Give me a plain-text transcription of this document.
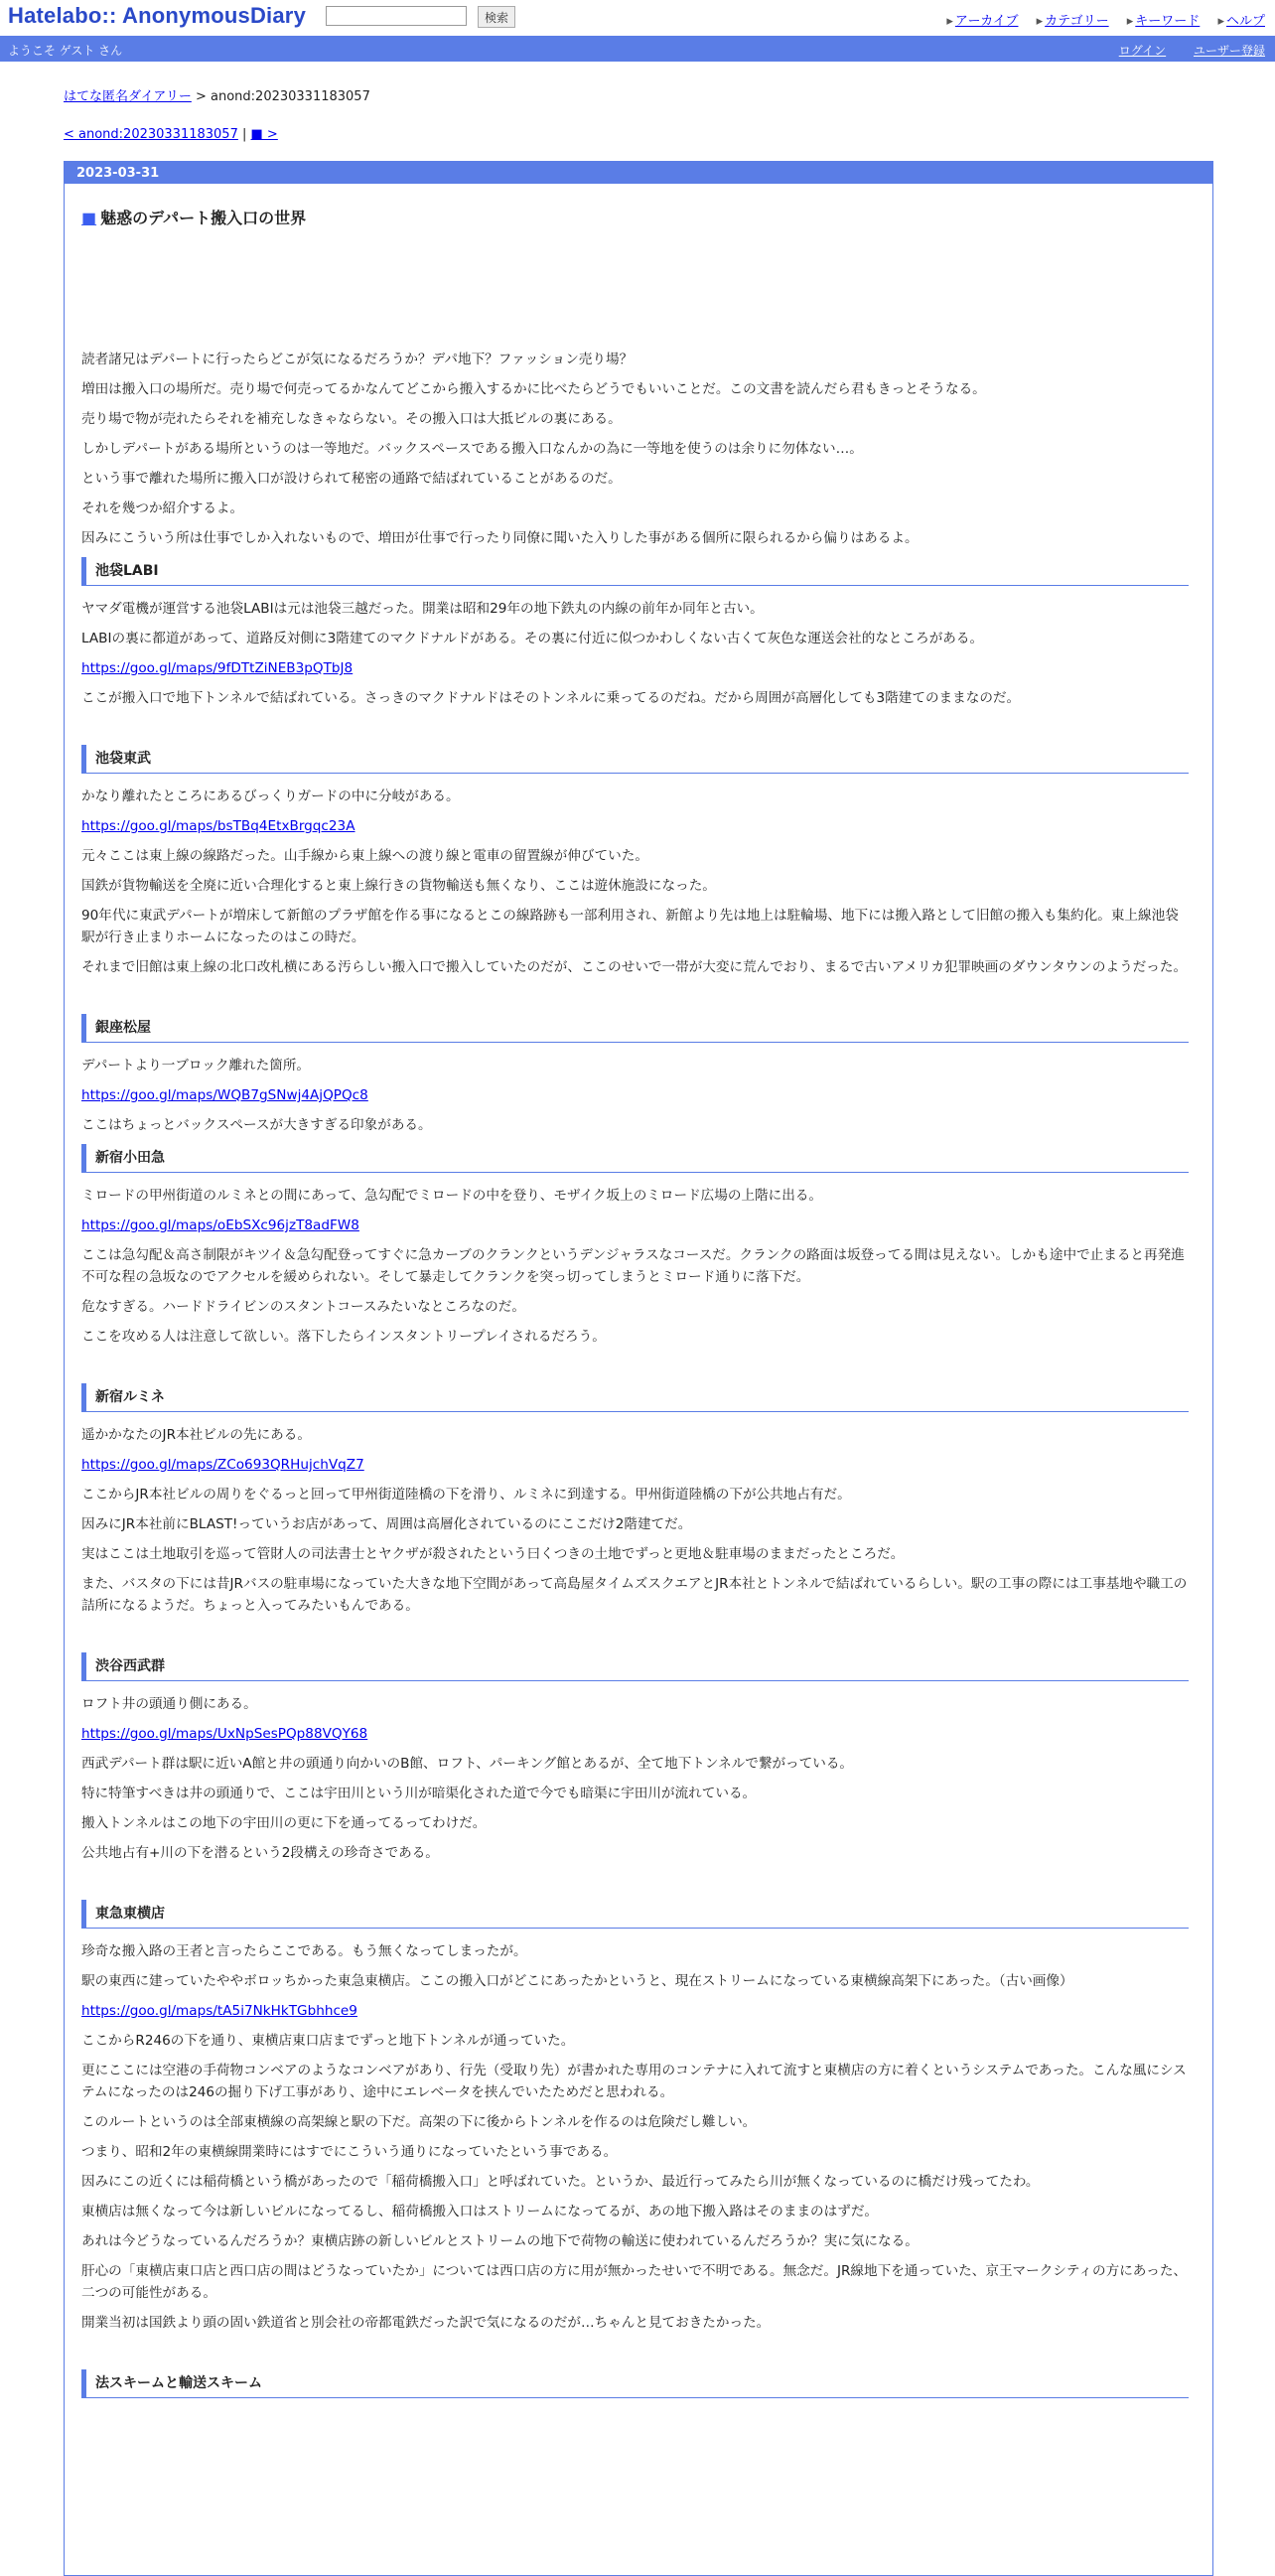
Hatelabo:: AnonymousDiary	検索	▸ アーカイブ ▸ カテゴリー ▸ キーワード ▸ ヘルプ
ようこそ ゲスト さん	ログイン ユーザー登録
はてな匿名ダイアリー > anond:20230331183057
< anond:20230331183057 | ■ >
2023-03-31
■ 魅惑のデパート搬入口の世界

読者諸兄はデパートに行ったらどこが気になるだろうか？デパ地下？ファッション売り場？

増田は搬入口の場所だ。売り場で何売ってるかなんてどこから搬入するかに比べたらどうでもいいことだ。この文書を読んだら君もきっとそうなる。

売り場で物が売れたらそれを補充しなきゃならない。その搬入口は大抵ビルの裏にある。

しかしデパートがある場所というのは一等地だ。バックスペースである搬入口なんかの為に一等地を使うのは余りに勿体ない…。

という事で離れた場所に搬入口が設けられて秘密の通路で結ばれていることがあるのだ。

それを幾つか紹介するよ。

因みにこういう所は仕事でしか入れないもので、増田が仕事で行ったり同僚に聞いた入りした事がある個所に限られるから偏りはあるよ。

池袋LABI

ヤマダ電機が運営する池袋LABIは元は池袋三越だった。開業は昭和29年の地下鉄丸の内線の前年か同年と古い。

LABIの裏に都道があって、道路反対側に3階建てのマクドナルドがある。その裏に付近に似つかわしくない古くて灰色な運送会社的なところがある。

https://goo.gl/maps/9fDTtZiNEB3pQTbJ8

ここが搬入口で地下トンネルで結ばれている。さっきのマクドナルドはそのトンネルに乗ってるのだね。だから周囲が高層化しても3階建てのままなのだ。

池袋東武

かなり離れたところにあるびっくりガードの中に分岐がある。

https://goo.gl/maps/bsTBq4EtxBrgqc23A

元々ここは東上線の線路だった。山手線から東上線への渡り線と電車の留置線が伸びていた。

国鉄が貨物輸送を全廃に近い合理化すると東上線行きの貨物輸送も無くなり、ここは遊休施設になった。

90年代に東武デパートが増床して新館のプラザ館を作る事になるとこの線路跡も一部利用され、新館より先は地上は駐輪場、地下には搬入路として旧館の搬入も集約化。東上線池袋駅が行き止まりホームになったのはこの時だ。

それまで旧館は東上線の北口改札横にある汚らしい搬入口で搬入していたのだが、ここのせいで一帯が大変に荒んでおり、まるで古いアメリカ犯罪映画のダウンタウンのようだった。

銀座松屋

デパートより一ブロック離れた箇所。

https://goo.gl/maps/WQB7gSNwj4AjQPQc8

ここはちょっとバックスペースが大きすぎる印象がある。

新宿小田急

ミロードの甲州街道のルミネとの間にあって、急勾配でミロードの中を登り、モザイク坂上のミロード広場の上階に出る。

https://goo.gl/maps/oEbSXc96jzT8adFW8

ここは急勾配＆高さ制限がキツイ＆急勾配登ってすぐに急カーブのクランクというデンジャラスなコースだ。クランクの路面は坂登ってる間は見えない。しかも途中で止まると再発進不可な程の急坂なのでアクセルを緩められない。そして暴走してクランクを突っ切ってしまうとミロード通りに落下だ。

危なすぎる。ハードドライビンのスタントコースみたいなところなのだ。

ここを攻める人は注意して欲しい。落下したらインスタントリープレイされるだろう。

新宿ルミネ

遥かかなたのJR本社ビルの先にある。

https://goo.gl/maps/ZCo693QRHujchVqZ7

ここからJR本社ビルの周りをぐるっと回って甲州街道陸橋の下を滑り、ルミネに到達する。甲州街道陸橋の下が公共地占有だ。

因みにJR本社前にBLAST!っていうお店があって、周囲は高層化されているのにここだけ2階建てだ。

実はここは土地取引を巡って管財人の司法書士とヤクザが殺されたという曰くつきの土地でずっと更地＆駐車場のままだったところだ。

また、バスタの下には昔JRバスの駐車場になっていた大きな地下空間があって高島屋タイムズスクエアとJR本社とトンネルで結ばれているらしい。駅の工事の際には工事基地や職工の詰所になるようだ。ちょっと入ってみたいもんである。

渋谷西武群

ロフト井の頭通り側にある。

https://goo.gl/maps/UxNpSesPQp88VQY68

西武デパート群は駅に近いA館と井の頭通り向かいのB館、ロフト、パーキング館とあるが、全て地下トンネルで繋がっている。

特に特筆すべきは井の頭通りで、ここは宇田川という川が暗渠化された道で今でも暗渠に宇田川が流れている。

搬入トンネルはこの地下の宇田川の更に下を通ってるってわけだ。

公共地占有+川の下を潜るという2段構えの珍奇さである。

東急東横店

珍奇な搬入路の王者と言ったらここである。もう無くなってしまったが。

駅の東西に建っていたややボロッちかった東急東横店。ここの搬入口がどこにあったかというと、現在ストリームになっている東横線高架下にあった。（古い画像）

https://goo.gl/maps/tA5i7NkHkTGbhhce9

ここからR246の下を通り、東横店東口店までずっと地下トンネルが通っていた。

更にここには空港の手荷物コンベアのようなコンベアがあり、行先（受取り先）が書かれた専用のコンテナに入れて流すと東横店の方に着くというシステムであった。こんな風にシステムになったのは246の掘り下げ工事があり、途中にエレベータを挟んでいたためだと思われる。

このルートというのは全部東横線の高架線と駅の下だ。高架の下に後からトンネルを作るのは危険だし難しい。

つまり、昭和2年の東横線開業時にはすでにこういう通りになっていたという事である。

因みにこの近くには稲荷橋という橋があったので「稲荷橋搬入口」と呼ばれていた。というか、最近行ってみたら川が無くなっているのに橋だけ残ってたわ。

東横店は無くなって今は新しいビルになってるし、稲荷橋搬入口はストリームになってるが、あの地下搬入路はそのままのはずだ。

あれは今どうなっているんだろうか？東横店跡の新しいビルとストリームの地下で荷物の輸送に使われているんだろうか？実に気になる。

肝心の「東横店東口店と西口店の間はどうなっていたか」については西口店の方に用が無かったせいで不明である。無念だ。JR線地下を通っていた、京王マークシティの方にあった、二つの可能性がある。

開業当初は国鉄より頭の固い鉄道省と別会社の帝都電鉄だった訳で気になるのだが…ちゃんと見ておきたかった。

法スキームと輸送スキーム
